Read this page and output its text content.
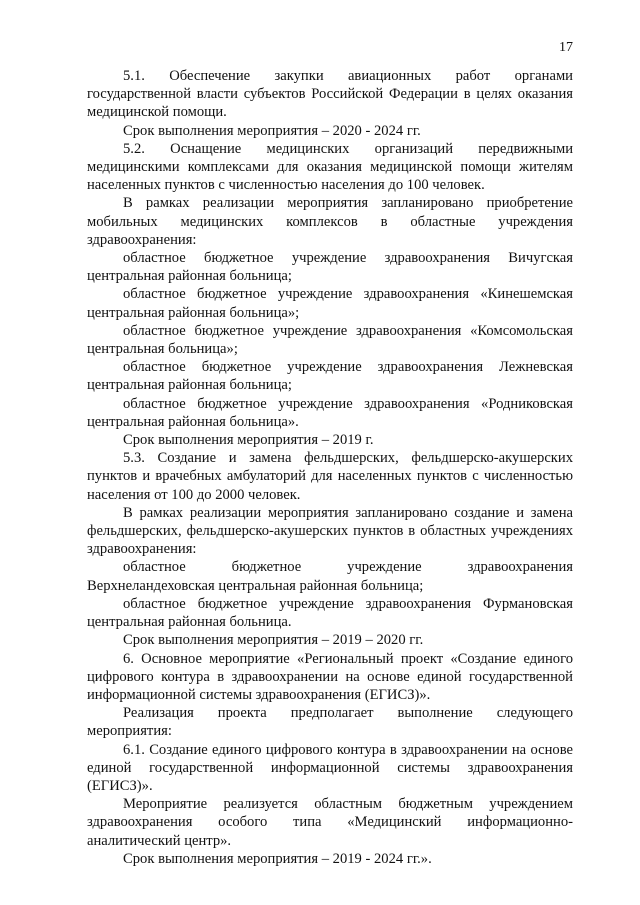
17

5.1. Обеспечение закупки авиационных работ органами государственной власти субъектов Российской Федерации в целях оказания медицинской помощи.

Срок выполнения мероприятия – 2020 - 2024 гг.

5.2. Оснащение медицинских организаций передвижными медицинскими комплексами для оказания медицинской помощи жителям населенных пунктов с численностью населения до 100 человек.

В рамках реализации мероприятия запланировано приобретение мобильных медицинских комплексов в областные учреждения здравоохранения:

областное бюджетное учреждение здравоохранения Вичугская центральная районная больница;

областное бюджетное учреждение здравоохранения «Кинешемская центральная районная больница»;

областное бюджетное учреждение здравоохранения «Комсомольская центральная больница»;

областное бюджетное учреждение здравоохранения Лежневская центральная районная больница;

областное бюджетное учреждение здравоохранения «Родниковская центральная районная больница».

Срок выполнения мероприятия – 2019 г.

5.3. Создание и замена фельдшерских, фельдшерско-акушерских пунктов и врачебных амбулаторий для населенных пунктов с численностью населения от 100 до 2000 человек.

В рамках реализации мероприятия запланировано создание и замена фельдшерских, фельдшерско-акушерских пунктов в областных учреждениях здравоохранения:

областное бюджетное учреждение здравоохранения Верхнеландеховская центральная районная больница;

областное бюджетное учреждение здравоохранения Фурмановская центральная районная больница.

Срок выполнения мероприятия – 2019 – 2020 гг.

6. Основное мероприятие «Региональный проект «Создание единого цифрового контура в здравоохранении на основе единой государственной информационной системы здравоохранения (ЕГИСЗ)».

Реализация проекта предполагает выполнение следующего мероприятия:

6.1. Создание единого цифрового контура в здравоохранении на основе единой государственной информационной системы здравоохранения (ЕГИСЗ)».

Мероприятие реализуется областным бюджетным учреждением здравоохранения особого типа «Медицинский информационно-аналитический центр».

Срок выполнения мероприятия – 2019 - 2024 гг.».
